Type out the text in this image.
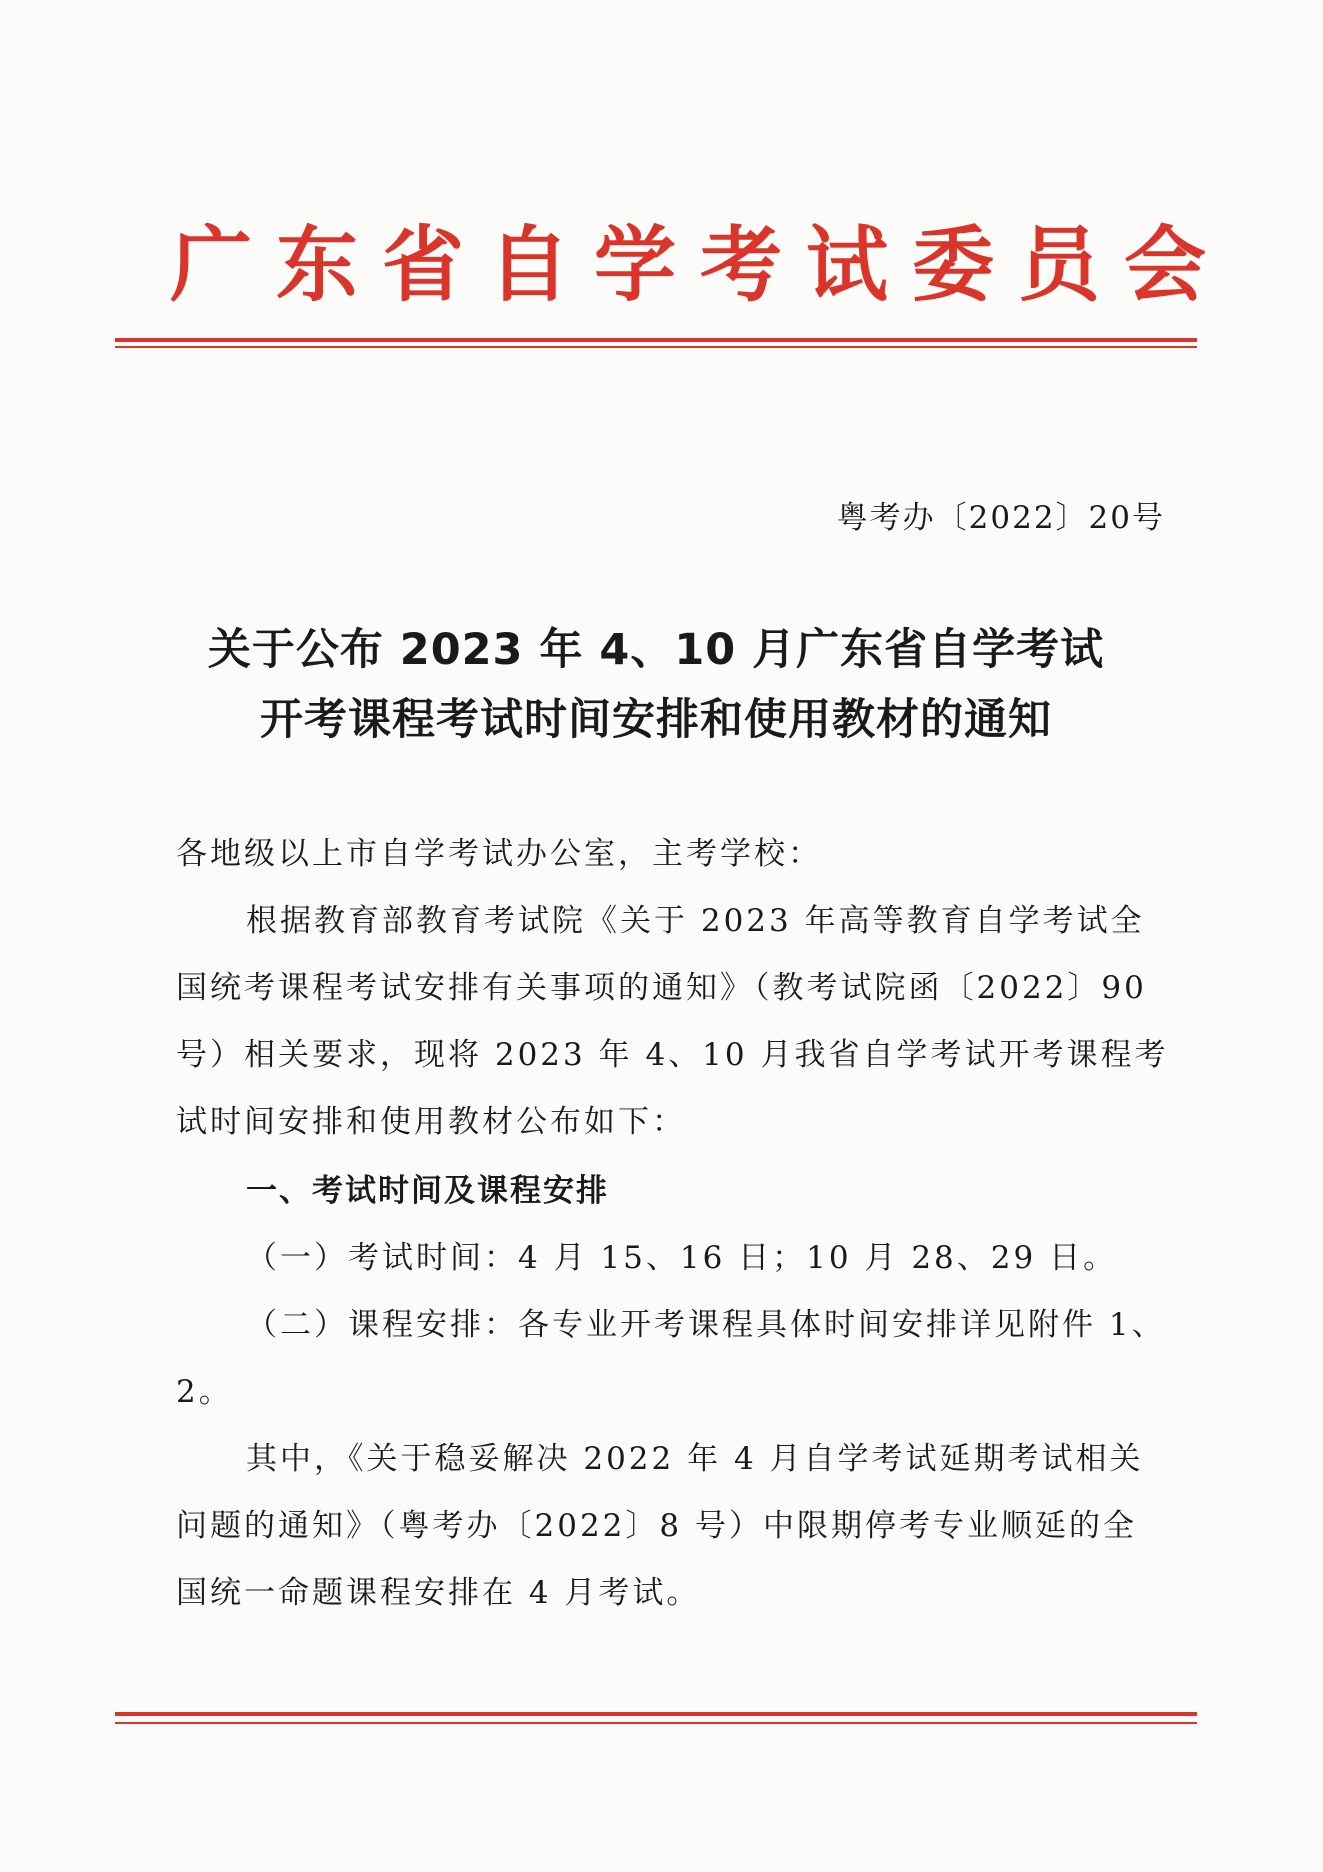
广东省自学考试委员会
粤考办〔2022〕20号
关于公布 2023 年 4、10 月广东省自学考试
开考课程考试时间安排和使用教材的通知
各地级以上市自学考试办公室，主考学校：
根据教育部教育考试院《关于 2023 年高等教育自学考试全
国统考课程考试安排有关事项的通知》（教考试院函〔2022〕90
号）相关要求，现将 2023 年 4、10 月我省自学考试开考课程考
试时间安排和使用教材公布如下：
一、考试时间及课程安排
（一）考试时间：4 月 15、16 日；10 月 28、29 日。
（二）课程安排：各专业开考课程具体时间安排详见附件 1、
2。
其中，《关于稳妥解决 2022 年 4 月自学考试延期考试相关
问题的通知》（粤考办〔2022〕8 号）中限期停考专业顺延的全
国统一命题课程安排在 4 月考试。
